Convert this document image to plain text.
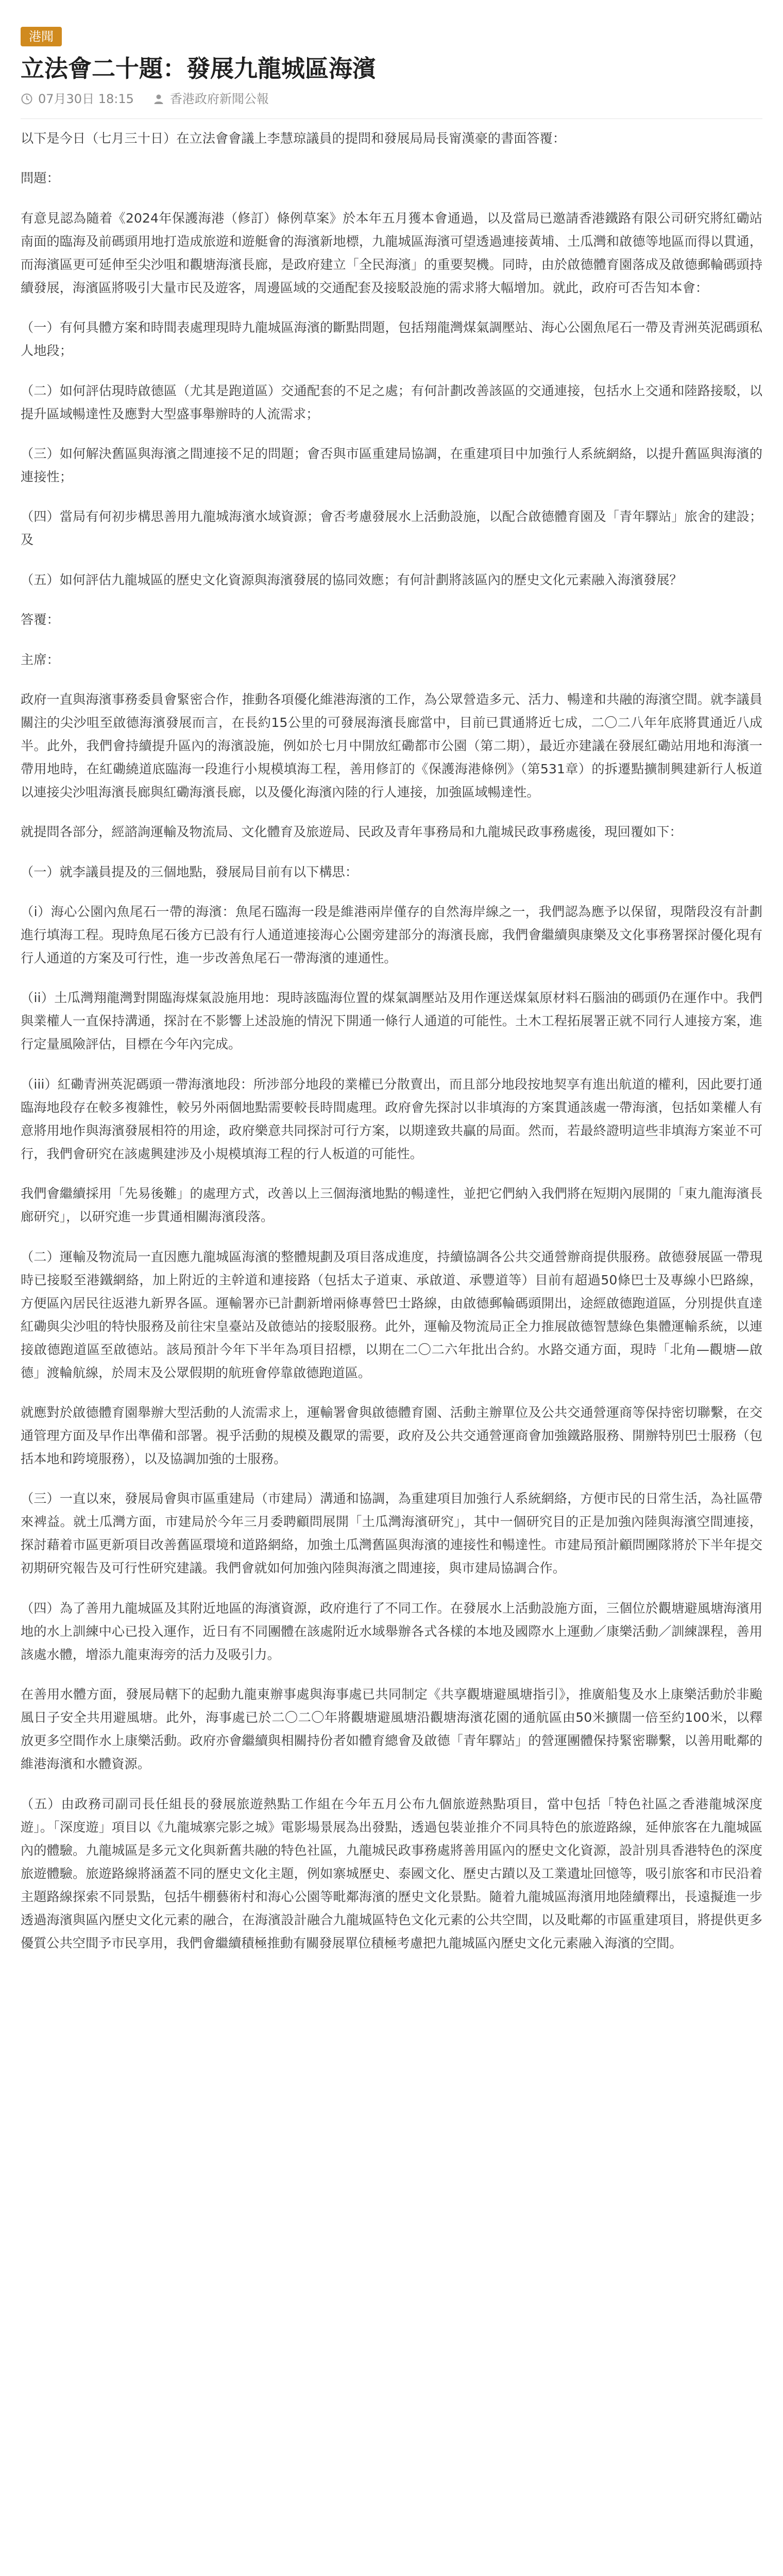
港聞
立法會二十題：發展九龍城區海濱
07月30日 18:15	香港政府新聞公報

以下是今日（七月三十日）在立法會會議上李慧琼議員的提問和發展局局長甯漢豪的書面答覆：

問題：

有意見認為隨着《2024年保護海港（修訂）條例草案》於本年五月獲本會通過，以及當局已邀請香港鐵路有限公司研究將紅磡站南面的臨海及前碼頭用地打造成旅遊和遊艇會的海濱新地標，九龍城區海濱可望透過連接黃埔、土瓜灣和啟德等地區而得以貫通，而海濱區更可延伸至尖沙咀和觀塘海濱長廊，是政府建立「全民海濱」的重要契機。同時，由於啟德體育園落成及啟德郵輪碼頭持續發展，海濱區將吸引大量市民及遊客，周邊區域的交通配套及接駁設施的需求將大幅增加。就此，政府可否告知本會：

（一）有何具體方案和時間表處理現時九龍城區海濱的斷點問題，包括翔龍灣煤氣調壓站、海心公園魚尾石一帶及青洲英泥碼頭私人地段；

（二）如何評估現時啟德區（尤其是跑道區）交通配套的不足之處；有何計劃改善該區的交通連接，包括水上交通和陸路接駁，以提升區域暢達性及應對大型盛事舉辦時的人流需求；

（三）如何解決舊區與海濱之間連接不足的問題；會否與市區重建局協調，在重建項目中加強行人系統網絡，以提升舊區與海濱的連接性；

（四）當局有何初步構思善用九龍城海濱水域資源；會否考慮發展水上活動設施，以配合啟德體育園及「青年驛站」旅舍的建設；及

（五）如何評估九龍城區的歷史文化資源與海濱發展的協同效應；有何計劃將該區內的歷史文化元素融入海濱發展？

答覆：

主席：

政府一直與海濱事務委員會緊密合作，推動各項優化維港海濱的工作，為公眾營造多元、活力、暢達和共融的海濱空間。就李議員關注的尖沙咀至啟德海濱發展而言，在長約15公里的可發展海濱長廊當中，目前已貫通將近七成，二〇二八年年底將貫通近八成半。此外，我們會持續提升區內的海濱設施，例如於七月中開放紅磡都市公園（第二期），最近亦建議在發展紅磡站用地和海濱一帶用地時，在紅磡繞道底臨海一段進行小規模填海工程，善用修訂的《保護海港條例》（第531章）的拆遷點擴制興建新行人板道以連接尖沙咀海濱長廊與紅磡海濱長廊，以及優化海濱內陸的行人連接，加強區域暢達性。

就提問各部分，經諮詢運輸及物流局、文化體育及旅遊局、民政及青年事務局和九龍城民政事務處後，現回覆如下：

（一）就李議員提及的三個地點，發展局目前有以下構思：

（i）海心公園內魚尾石一帶的海濱：魚尾石臨海一段是維港兩岸僅存的自然海岸線之一，我們認為應予以保留，現階段沒有計劃進行填海工程。現時魚尾石後方已設有行人通道連接海心公園旁建部分的海濱長廊，我們會繼續與康樂及文化事務署探討優化現有行人通道的方案及可行性，進一步改善魚尾石一帶海濱的連通性。

（ii）土瓜灣翔龍灣對開臨海煤氣設施用地：現時該臨海位置的煤氣調壓站及用作運送煤氣原材料石腦油的碼頭仍在運作中。我們與業權人一直保持溝通，探討在不影響上述設施的情況下開通一條行人通道的可能性。土木工程拓展署正就不同行人連接方案，進行定量風險評估，目標在今年內完成。

（iii）紅磡青洲英泥碼頭一帶海濱地段：所涉部分地段的業權已分散賣出，而且部分地段按地契享有進出航道的權利，因此要打通臨海地段存在較多複雜性，較另外兩個地點需要較長時間處理。政府會先探討以非填海的方案貫通該處一帶海濱，包括如業權人有意將用地作與海濱發展相符的用途，政府樂意共同探討可行方案，以期達致共贏的局面。然而，若最終證明這些非填海方案並不可行，我們會研究在該處興建涉及小規模填海工程的行人板道的可能性。

我們會繼續採用「先易後難」的處理方式，改善以上三個海濱地點的暢達性，並把它們納入我們將在短期內展開的「東九龍海濱長廊研究」，以研究進一步貫通相關海濱段落。

（二）運輸及物流局一直因應九龍城區海濱的整體規劃及項目落成進度，持續協調各公共交通營辦商提供服務。啟德發展區一帶現時已接駁至港鐵網絡，加上附近的主幹道和連接路（包括太子道東、承啟道、承豐道等）目前有超過50條巴士及專線小巴路線，方便區內居民往返港九新界各區。運輸署亦已計劃新增兩條專營巴士路線，由啟德郵輪碼頭開出，途經啟德跑道區，分別提供直達紅磡與尖沙咀的特快服務及前往宋皇臺站及啟德站的接駁服務。此外，運輸及物流局正全力推展啟德智慧綠色集體運輸系統，以連接啟德跑道區至啟德站。該局預計今年下半年為項目招標，以期在二〇二六年批出合約。水路交通方面，現時「北角—觀塘—啟德」渡輪航線，於周末及公眾假期的航班會停靠啟德跑道區。

就應對於啟德體育園舉辦大型活動的人流需求上，運輸署會與啟德體育園、活動主辦單位及公共交通營運商等保持密切聯繫，在交通管理方面及早作出準備和部署。視乎活動的規模及觀眾的需要，政府及公共交通營運商會加強鐵路服務、開辦特別巴士服務（包括本地和跨境服務），以及協調加強的士服務。

（三）一直以來，發展局會與市區重建局（市建局）溝通和協調，為重建項目加強行人系統網絡，方便市民的日常生活，為社區帶來裨益。就土瓜灣方面，市建局於今年三月委聘顧問展開「土瓜灣海濱研究」，其中一個研究目的正是加強內陸與海濱空間連接，探討藉着市區更新項目改善舊區環境和道路網絡，加強土瓜灣舊區與海濱的連接性和暢達性。市建局預計顧問團隊將於下半年提交初期研究報告及可行性研究建議。我們會就如何加強內陸與海濱之間連接，與市建局協調合作。

（四）為了善用九龍城區及其附近地區的海濱資源，政府進行了不同工作。在發展水上活動設施方面，三個位於觀塘避風塘海濱用地的水上訓練中心已投入運作，近日有不同團體在該處附近水域舉辦各式各樣的本地及國際水上運動／康樂活動／訓練課程，善用該處水體，增添九龍東海旁的活力及吸引力。

在善用水體方面，發展局轄下的起動九龍東辦事處與海事處已共同制定《共享觀塘避風塘指引》，推廣船隻及水上康樂活動於非颱風日子安全共用避風塘。此外，海事處已於二〇二〇年將觀塘避風塘沿觀塘海濱花園的通航區由50米擴闊一倍至約100米，以釋放更多空間作水上康樂活動。政府亦會繼續與相關持份者如體育總會及啟德「青年驛站」的營運團體保持緊密聯繫，以善用毗鄰的維港海濱和水體資源。

（五）由政務司副司長任組長的發展旅遊熱點工作組在今年五月公布九個旅遊熱點項目，當中包括「特色社區之香港龍城深度遊」。「深度遊」項目以《九龍城寨完影之城》電影場景展為出發點，透過包裝並推介不同具特色的旅遊路線，延伸旅客在九龍城區內的體驗。九龍城區是多元文化與新舊共融的特色社區，九龍城民政事務處將善用區內的歷史文化資源，設計別具香港特色的深度旅遊體驗。旅遊路線將涵蓋不同的歷史文化主題，例如寨城歷史、泰國文化、歷史古蹟以及工業遺址回憶等，吸引旅客和市民沿着主題路線探索不同景點，包括牛棚藝術村和海心公園等毗鄰海濱的歷史文化景點。隨着九龍城區海濱用地陸續釋出，長遠擬進一步透過海濱與區內歷史文化元素的融合，在海濱設計融合九龍城區特色文化元素的公共空間，以及毗鄰的市區重建項目，將提供更多優質公共空間予市民享用，我們會繼續積極推動有關發展單位積極考慮把九龍城區內歷史文化元素融入海濱的空間。
